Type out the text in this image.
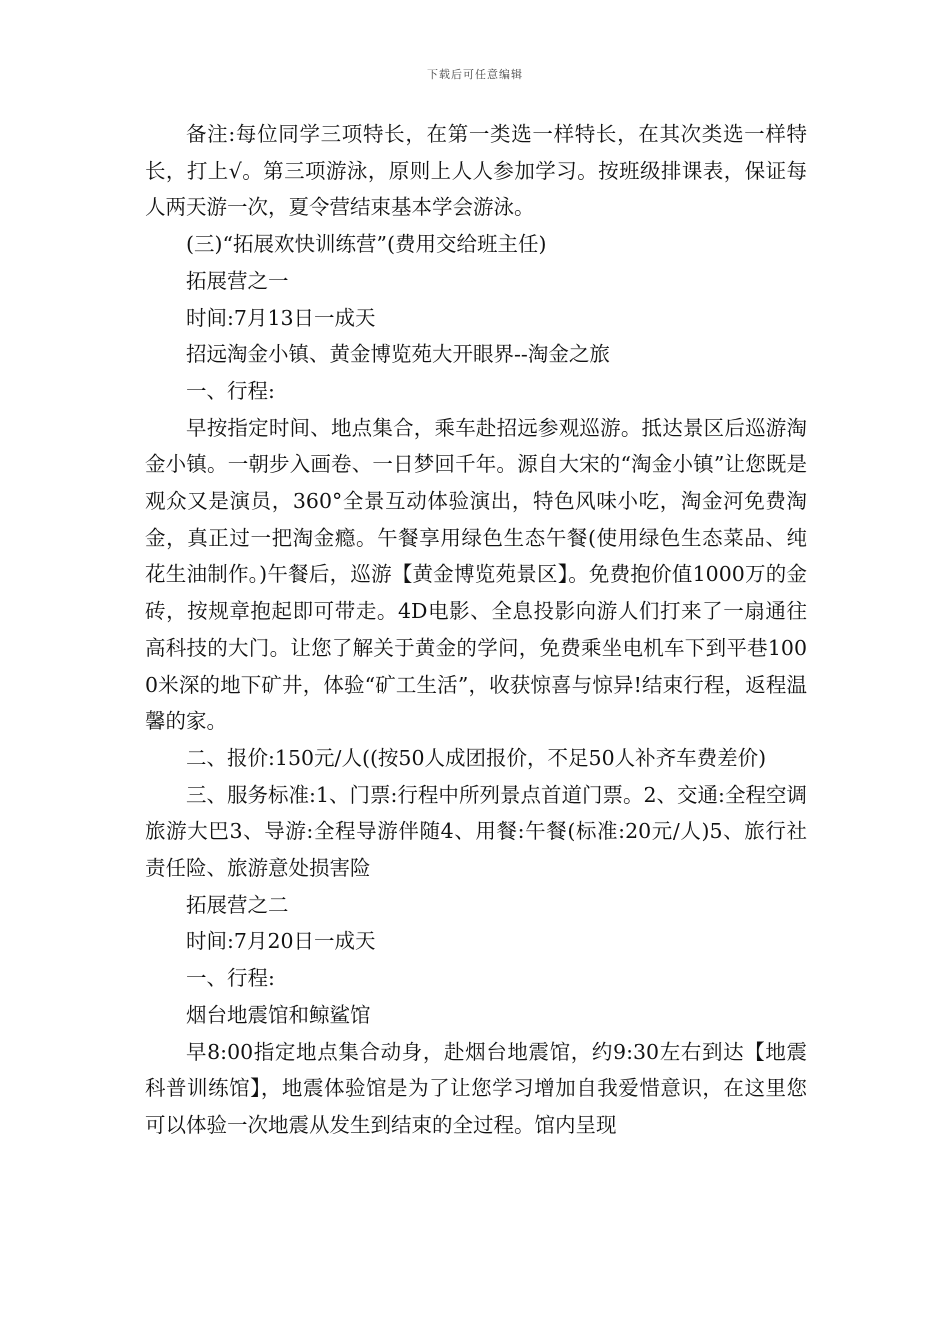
下载后可任意编辑

备注:每位同学三项特长，在第一类选一样特长，在其次类选一样特长，打上√。第三项游泳，原则上人人参加学习。按班级排课表，保证每人两天游一次，夏令营结束基本学会游泳。

(三)“拓展欢快训练营”(费用交给班主任)

拓展营之一

时间:7月13日一成天

招远淘金小镇、黄金博览苑大开眼界--淘金之旅

一、行程:

早按指定时间、地点集合，乘车赴招远参观巡游。抵达景区后巡游淘金小镇。一朝步入画卷、一日梦回千年。源自大宋的“淘金小镇”让您既是观众又是演员，360°全景互动体验演出，特色风味小吃，淘金河免费淘金，真正过一把淘金瘾。午餐享用绿色生态午餐(使用绿色生态菜品、纯花生油制作。)午餐后，巡游【黄金博览苑景区】。免费抱价值1000万的金砖，按规章抱起即可带走。4D电影、全息投影向游人们打来了一扇通往高科技的大门。让您了解关于黄金的学问，免费乘坐电机车下到平巷1000米深的地下矿井，体验“矿工生活”，收获惊喜与惊异!结束行程，返程温馨的家。

二、报价:150元/人((按50人成团报价，不足50人补齐车费差价)

三、服务标准:1、门票:行程中所列景点首道门票。2、交通:全程空调旅游大巴3、导游:全程导游伴随4、用餐:午餐(标准:20元/人)5、旅行社责任险、旅游意处损害险

拓展营之二

时间:7月20日一成天

一、行程:

烟台地震馆和鲸鲨馆

早8:00指定地点集合动身，赴烟台地震馆，约9:30左右到达【地震科普训练馆】，地震体验馆是为了让您学习增加自我爱惜意识，在这里您可以体验一次地震从发生到结束的全过程。馆内呈现
